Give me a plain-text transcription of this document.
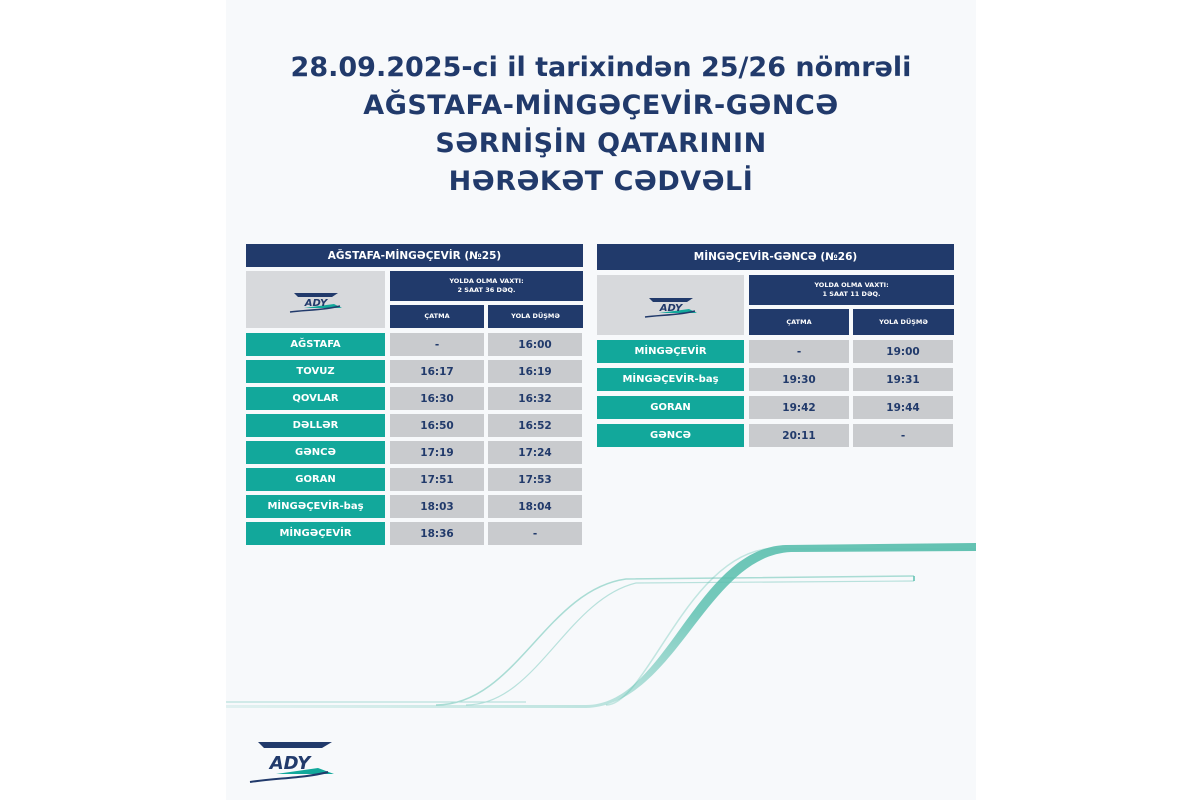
28.09.2025-ci il tarixindən 25/26 nömrəli
AĞSTAFA-MİNGƏÇEVİR-GƏNCƏ
SƏRNİŞİN QATARININ
HƏRƏKƏT CƏDVƏLİ
AĞSTAFA-MİNGƏÇEVİR (№25)
ADY
YOLDA OLMA VAXTI:
2 SAAT 36 DƏQ.
ÇATMA	YOLA DÜŞMƏ
AĞSTAFA	-	16:00
TOVUZ	16:17	16:19
QOVLAR	16:30	16:32
DƏLLƏR	16:50	16:52
GƏNCƏ	17:19	17:24
GORAN	17:51	17:53
MİNGƏÇEVİR-baş	18:03	18:04
MİNGƏÇEVİR	18:36	-
MİNGƏÇEVİR-GƏNCƏ (№26)
ADY
YOLDA OLMA VAXTI:
1 SAAT 11 DƏQ.
ÇATMA	YOLA DÜŞMƏ
MİNGƏÇEVİR	-	19:00
MİNGƏÇEVİR-baş	19:30	19:31
GORAN	19:42	19:44
GƏNCƏ	20:11	-
ADY
